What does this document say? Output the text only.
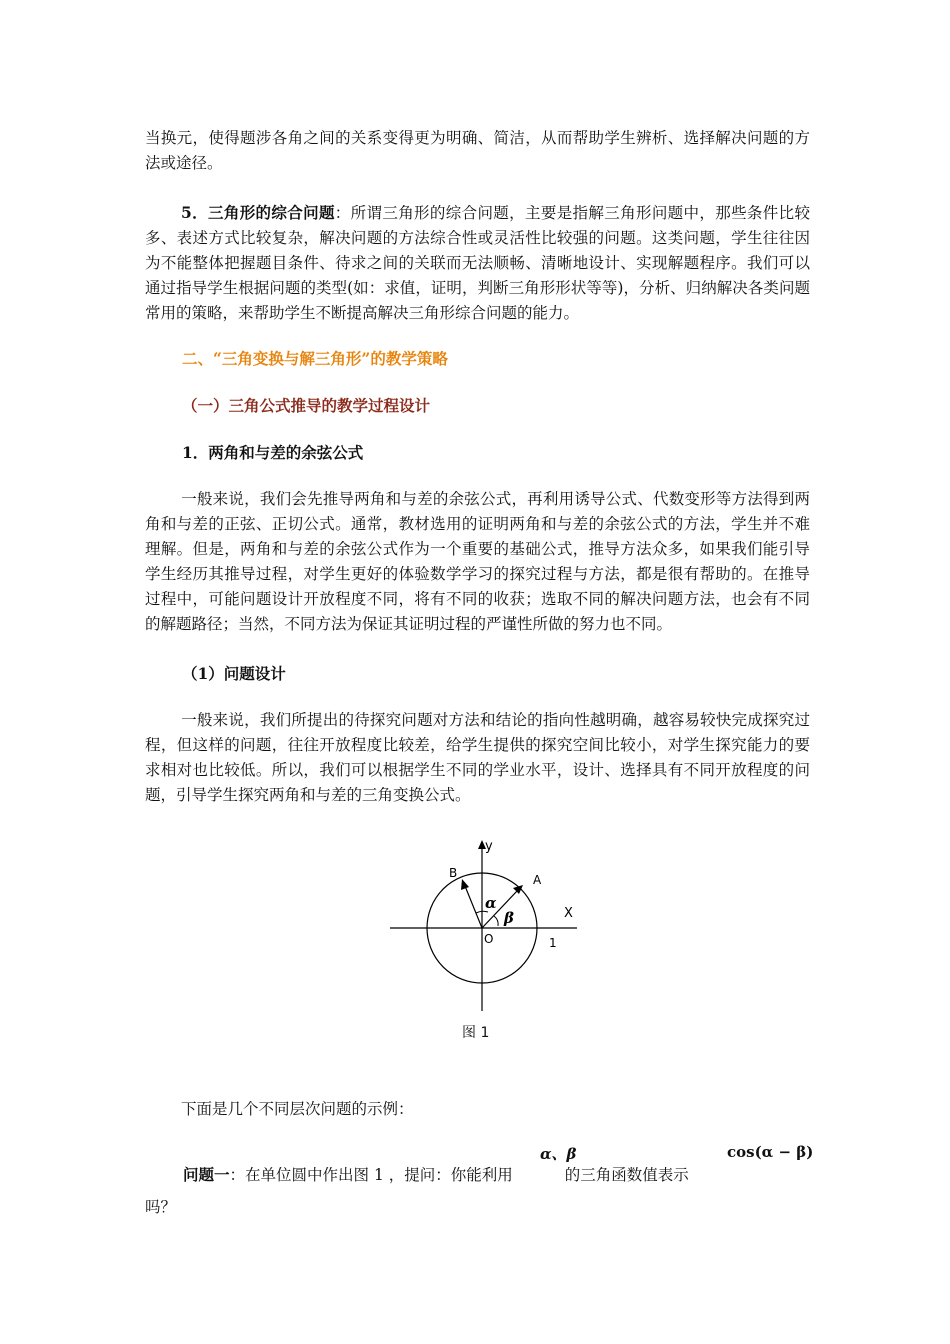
当换元，使得题涉各角之间的关系变得更为明确、简洁，从而帮助学生辨析、选择解决问题的方法或途径。

5．三角形的综合问题：所谓三角形的综合问题，主要是指解三角形问题中，那些条件比较多、表述方式比较复杂，解决问题的方法综合性或灵活性比较强的问题。这类问题，学生往往因为不能整体把握题目条件、待求之间的关联而无法顺畅、清晰地设计、实现解题程序。我们可以通过指导学生根据问题的类型(如：求值，证明，判断三角形形状等等)，分析、归纳解决各类问题常用的策略，来帮助学生不断提高解决三角形综合问题的能力。

二、“三角变换与解三角形”的教学策略

（一）三角公式推导的教学过程设计

1．两角和与差的余弦公式

一般来说，我们会先推导两角和与差的余弦公式，再利用诱导公式、代数变形等方法得到两角和与差的正弦、正切公式。通常，教材选用的证明两角和与差的余弦公式的方法，学生并不难理解。但是，两角和与差的余弦公式作为一个重要的基础公式，推导方法众多，如果我们能引导学生经历其推导过程，对学生更好的体验数学学习的探究过程与方法，都是很有帮助的。在推导过程中，可能问题设计开放程度不同，将有不同的收获；选取不同的解决问题方法，也会有不同的解题路径；当然，不同方法为保证其证明过程的严谨性所做的努力也不同。

（1）问题设计

一般来说，我们所提出的待探究问题对方法和结论的指向性越明确，越容易较快完成探究过程，但这样的问题，往往开放程度比较差，给学生提供的探究空间比较小，对学生探究能力的要求相对也比较低。所以，我们可以根据学生不同的学业水平，设计、选择具有不同开放程度的问题，引导学生探究两角和与差的三角变换公式。

y
X
O
A
B
1
α
β
图 1

下面是几个不同层次问题的示例：

α、β	cos(α − β)
问题一：在单位圆中作出图 1 ，提问：你能利用	的三角函数值表示
吗？
